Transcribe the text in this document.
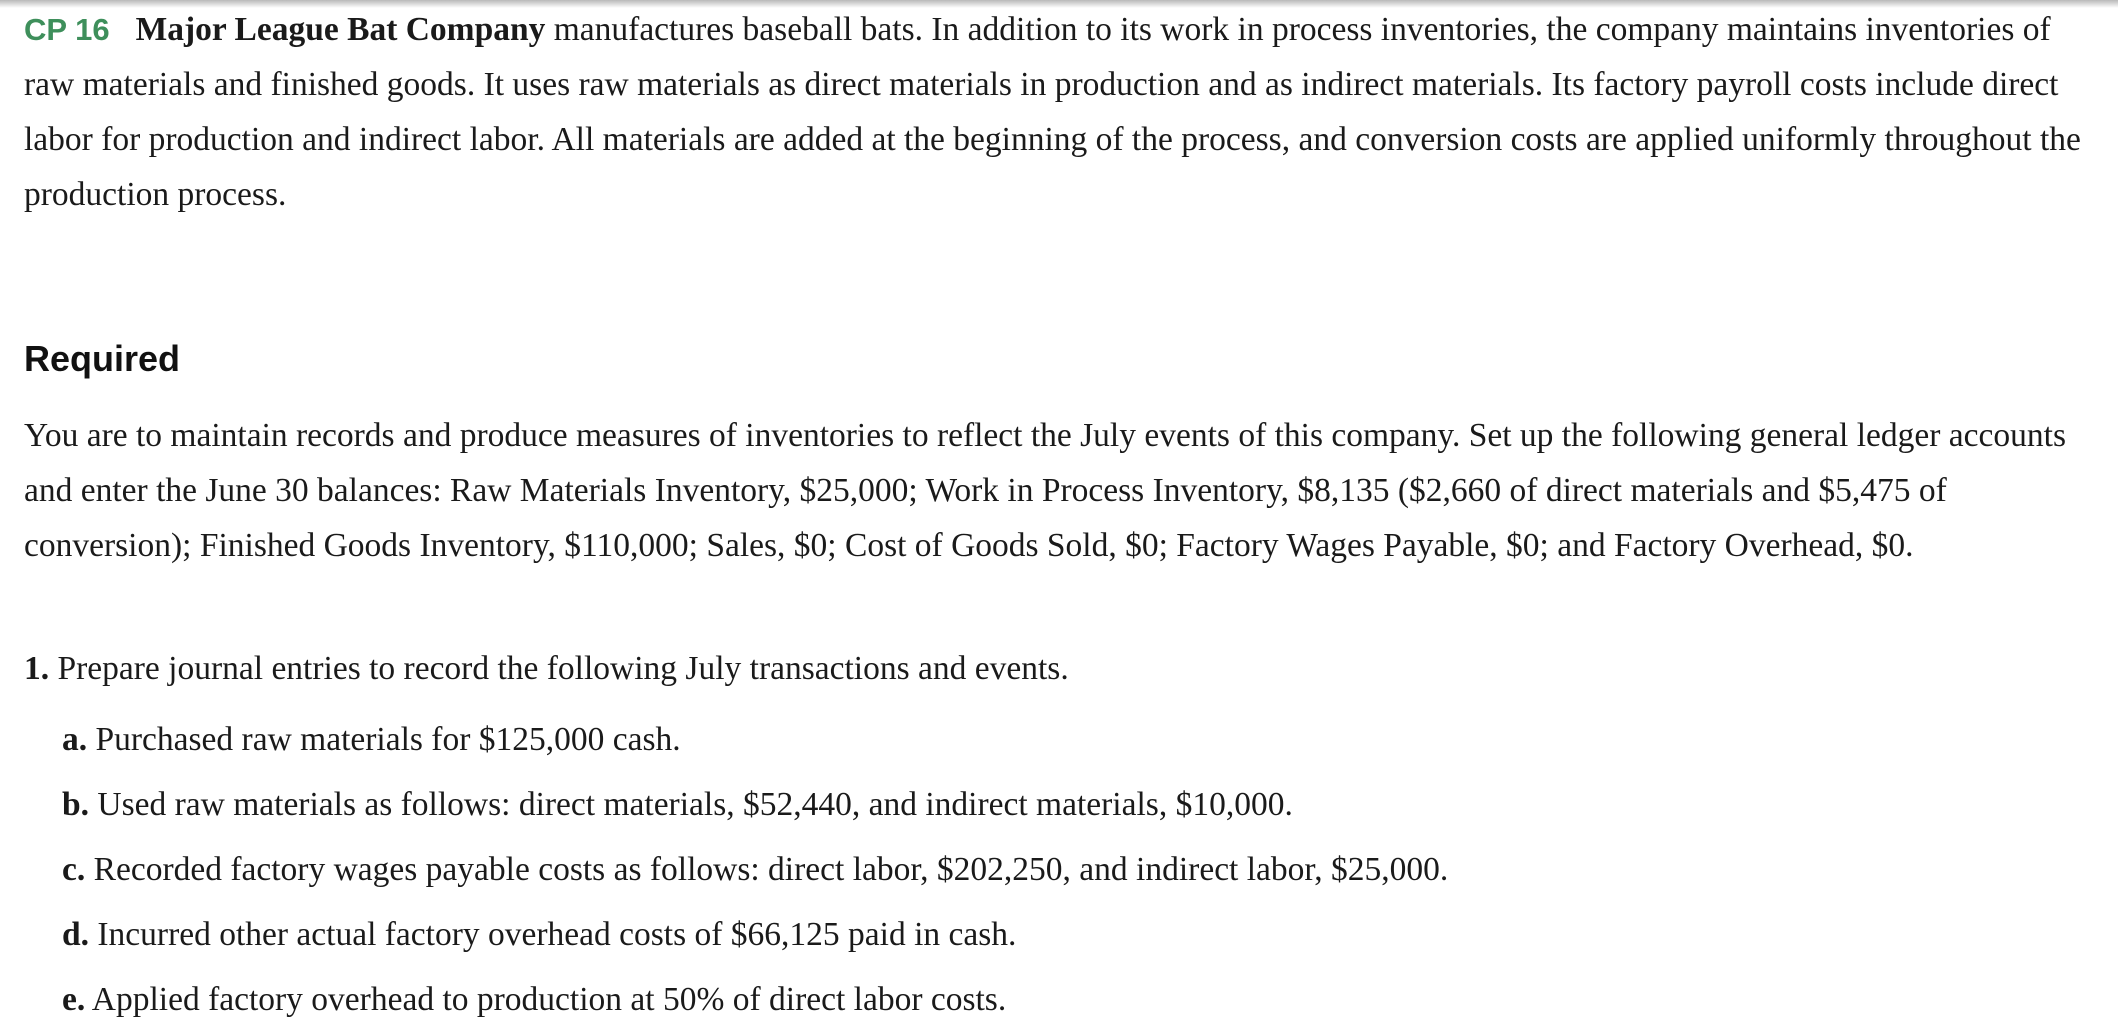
CP 16 Major League Bat Company manufactures baseball bats. In addition to its work in process inventories, the company maintains inventories of raw materials and finished goods. It uses raw materials as direct materials in production and as indirect materials. Its factory payroll costs include direct labor for production and indirect labor. All materials are added at the beginning of the process, and conversion costs are applied uniformly throughout the production process.

Required

You are to maintain records and produce measures of inventories to reflect the July events of this company. Set up the following general ledger accounts and enter the June 30 balances: Raw Materials Inventory, $25,000; Work in Process Inventory, $8,135 ($2,660 of direct materials and $5,475 of conversion); Finished Goods Inventory, $110,000; Sales, $0; Cost of Goods Sold, $0; Factory Wages Payable, $0; and Factory Overhead, $0.

1. Prepare journal entries to record the following July transactions and events.

a. Purchased raw materials for $125,000 cash.
b. Used raw materials as follows: direct materials, $52,440, and indirect materials, $10,000.
c. Recorded factory wages payable costs as follows: direct labor, $202,250, and indirect labor, $25,000.
d. Incurred other actual factory overhead costs of $66,125 paid in cash.
e. Applied factory overhead to production at 50% of direct labor costs.
